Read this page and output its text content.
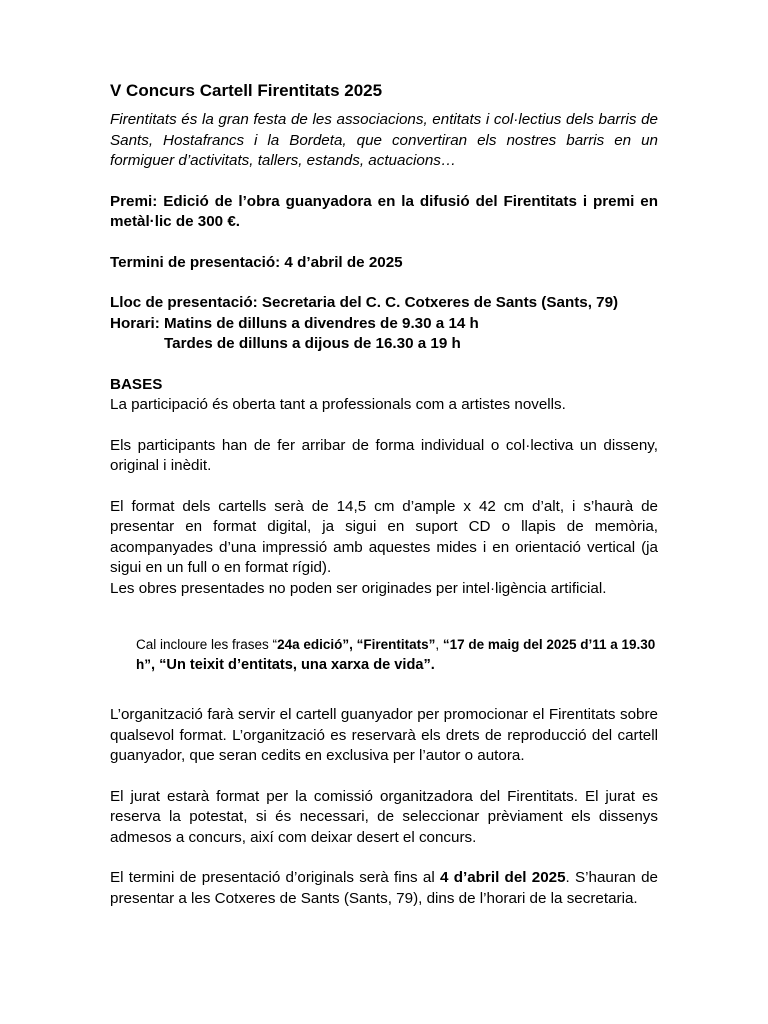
V Concurs Cartell Firentitats 2025

Firentitats és la gran festa de les associacions, entitats i col·lectius dels barris de Sants, Hostafrancs i la Bordeta, que convertiran els nostres barris en un formiguer d’activitats, tallers, estands, actuacions…

Premi: Edició de l’obra guanyadora en la difusió del Firentitats i premi en metàl·lic de 300 €.

Termini de presentació: 4 d’abril de 2025

Lloc de presentació: Secretaria del C. C. Cotxeres de Sants (Sants, 79)

Horari: Matins de dilluns a divendres de 9.30 a 14 h

Tardes de dilluns a dijous de 16.30 a 19 h

BASES

La participació és oberta tant a professionals com a artistes novells.

Els participants han de fer arribar de forma individual o col·lectiva un disseny, original i inèdit.

El format dels cartells serà de 14,5 cm d’ample x 42 cm d’alt, i s’haurà de presentar en format digital, ja sigui en suport CD o llapis de memòria, acompanyades d’una impressió amb aquestes mides i en orientació vertical (ja sigui en un full o en format rígid).

Les obres presentades no poden ser originades per intel·ligència artificial.

Cal incloure les frases “24a edició”, “Firentitats”, “17 de maig del 2025 d’11 a 19.30 h”, “Un teixit d’entitats, una xarxa de vida”.

L’organització farà servir el cartell guanyador per promocionar el Firentitats sobre qualsevol format. L’organització es reservarà els drets de reproducció del cartell guanyador, que seran cedits en exclusiva per l’autor o autora.

El jurat estarà format per la comissió organitzadora del Firentitats. El jurat es reserva la potestat, si és necessari, de seleccionar prèviament els dissenys admesos a concurs, així com deixar desert el concurs.

El termini de presentació d’originals serà fins al 4 d’abril del 2025. S’hauran de presentar a les Cotxeres de Sants (Sants, 79), dins de l’horari de la secretaria.
